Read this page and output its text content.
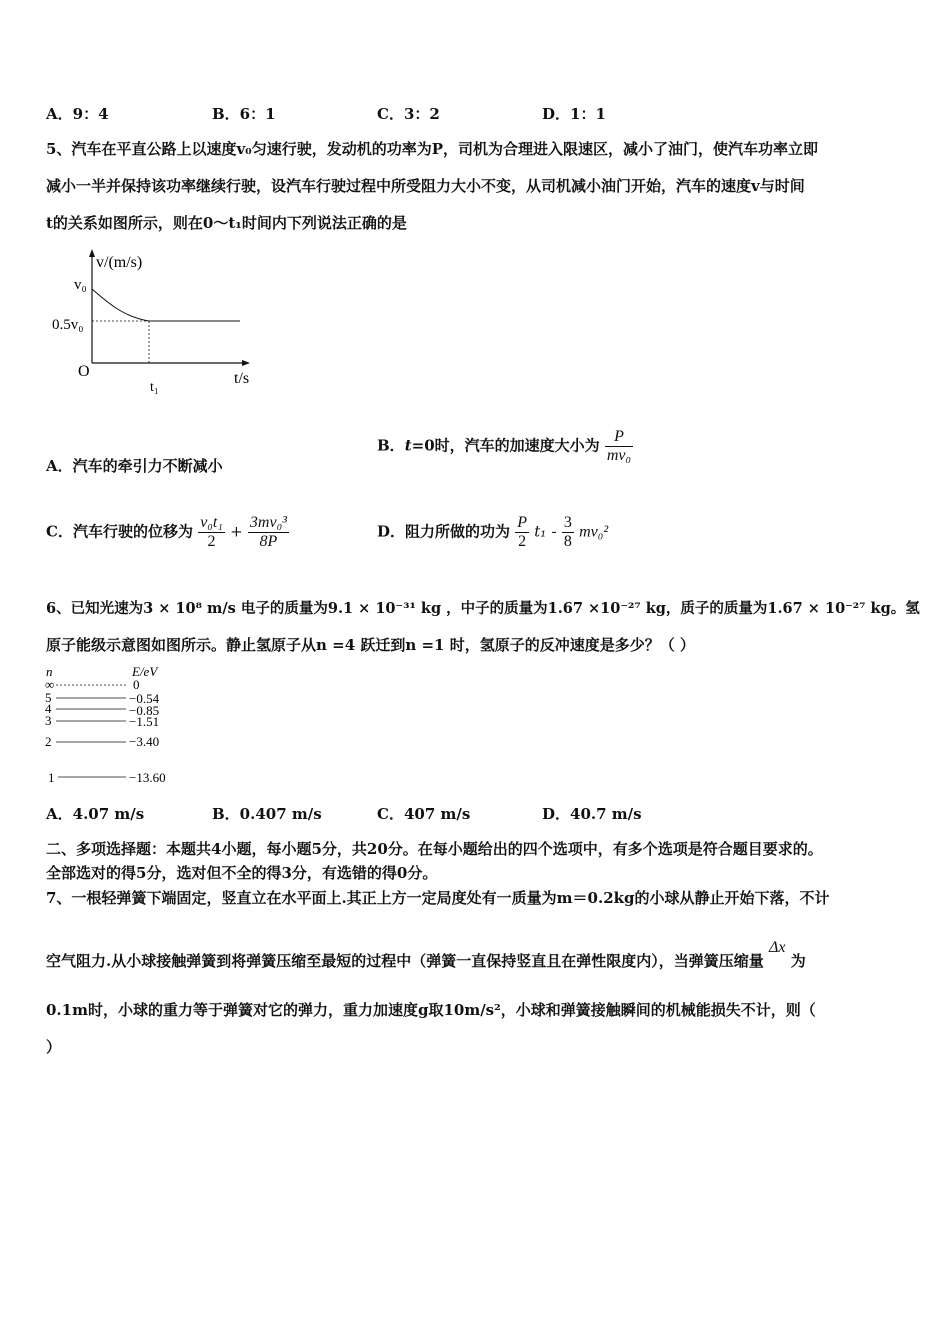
A．9：4	B．6：1	C．3：2	D．1：1
5、汽车在平直公路上以速度v₀匀速行驶，发动机的功率为P，司机为合理进入限速区，减小了油门，使汽车功率立即
减小一半并保持该功率继续行驶，设汽车行驶过程中所受阻力大小不变，从司机减小油门开始，汽车的速度v与时间
t的关系如图所示，则在0～t₁时间内下列说法正确的是
v/(m/s)
t/s
O
v₀
0.5v₀
t₁
A．汽车的牵引力不断减小
B．t=0时，汽车的加速度大小为 $\frac{P}{\text{mv₀}}$
C．汽车行驶的位移为 $\frac{\text{v₀t₁}}{2} + \frac{\text{3mv₀³}}{8P}$	D．阻力所做的功为 $\frac{P}{2} t_1 - \frac{3}{8} mv_0^2$
6、已知光速为3 × 10⁸ m/s 电子的质量为9.1 × 10⁻³¹ kg ，中子的质量为1.67 ×10⁻²⁷ kg，质子的质量为1.67 × 10⁻²⁷ kg。氢
原子能级示意图如图所示。静止氢原子从n =4 跃迁到n =1 时，氢原子的反冲速度是多少？（ ）
n	E/eV
∞	0
5	−0.54
4	−0.85
3	−1.51
2	−3.40
1	−13.60
A．4.07 m/s	B．0.407 m/s	C．407 m/s	D．40.7 m/s
二、多项选择题：本题共4小题，每小题5分，共20分。在每小题给出的四个选项中，有多个选项是符合题目要求的。
全部选对的得5分，选对但不全的得3分，有选错的得0分。
7、一根轻弹簧下端固定，竖直立在水平面上.其正上方一定局度处有一质量为m＝0.2kg的小球从静止开始下落，不计
空气阻力.从小球接触弹簧到将弹簧压缩至最短的过程中（弹簧一直保持竖直且在弹性限度内），当弹簧压缩量 Δx 为
0.1m时，小球的重力等于弹簧对它的弹力，重力加速度g取10m/s²，小球和弹簧接触瞬间的机械能损失不计，则（
）
